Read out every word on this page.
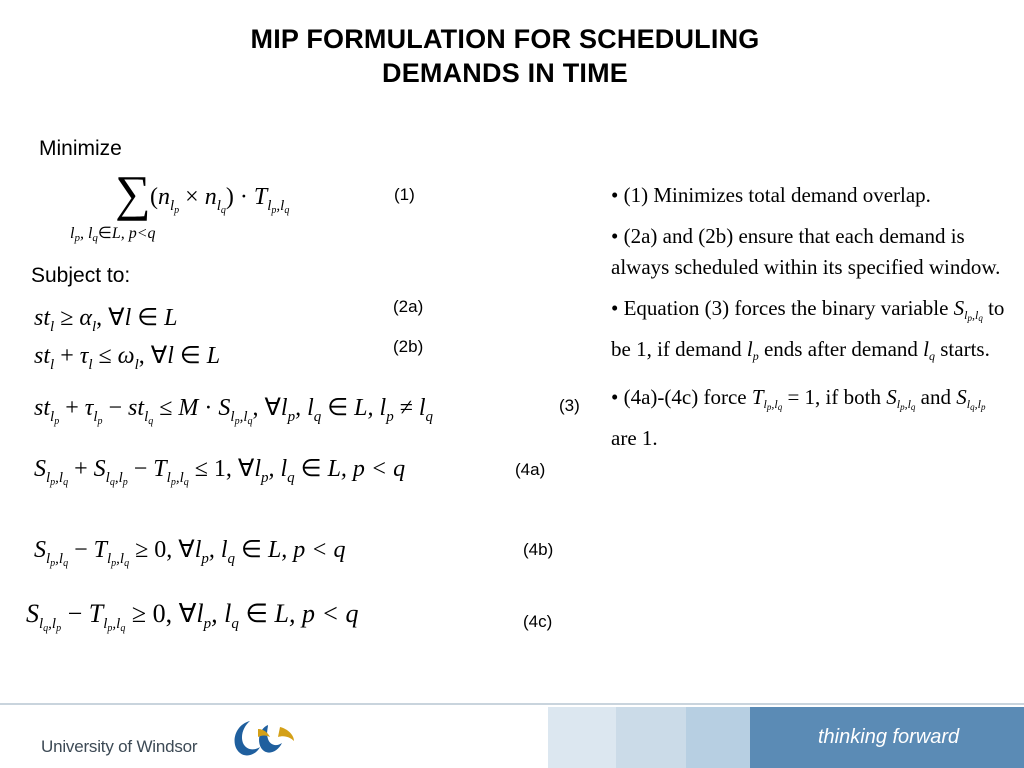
MIP FORMULATION FOR SCHEDULING
DEMANDS IN TIME
Minimize
∑ $(n_{l_p} \times n_{l_q}) \cdot T_{l_p,l_q}$
$l_p$, $l_q\in L$, p<q
(1)
Subject to:
$st_l \ge \alpha_l$, ∀l ∈ L	(2a)
$st_l + \tau_l \le \omega_l$, ∀l ∈ L	(2b)
$st_{l_p} + \tau_{l_p} - st_{l_q} \le M \cdot S_{l_p,l_q}$, $\forall l_p$, $l_q$ ∈ L, $l_p \ne l_q$
(3)
$S_{l_p,l_q} + S_{l_q,l_p} - T_{l_p,l_q} \le 1$, $\forall l_p$, $l_q$ ∈ L, p < q	(4a)
$S_{l_p,l_q} - T_{l_p,l_q} \ge 0$, $\forall l_p$, $l_q$ ∈ L, p < q	(4b)
$S_{l_q,l_p} - T_{l_p,l_q} \ge 0$, $\forall l_p$, $l_q$ ∈ L, p < q	(4c)

• (1) Minimizes total demand overlap.

• (2a) and (2b) ensure that each demand is always scheduled within its specified window.

• Equation (3) forces the binary variable $S_{l_p,l_q}$ to be 1, if demand $l_p$ ends after demand $l_q$ starts.

• (4a)-(4c) force $T_{l_p,l_q} = 1$, if both $S_{l_p,l_q}$ and $S_{l_q,l_p}$ are 1.

University of Windsor	thinking forward
